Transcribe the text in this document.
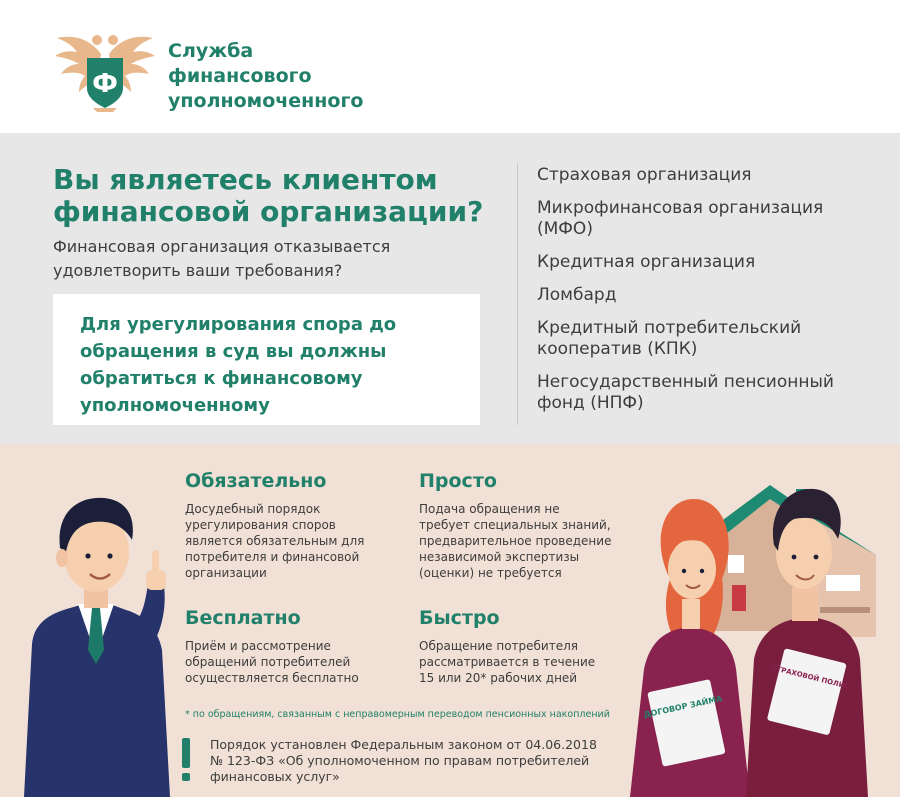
Ф
Служба
финансового
уполномоченного
Вы являетесь клиентом
финансовой организации?
Финансовая организация отказывается
удовлетворить ваши требования?
Для урегулирования спора до
обращения в суд вы должны
обратиться к финансовому
уполномоченному
Страховая организация
Микрофинансовая организация
(МФО)
Кредитная организация
Ломбард
Кредитный потребительский
кооператив (КПК)
Негосударственный пенсионный
фонд (НПФ)
Обязательно
Досудебный порядок
урегулирования споров
является обязательным для
потребителя и финансовой
организации
Просто
Подача обращения не
требует специальных знаний,
предварительное проведение
независимой экспертизы
(оценки) не требуется
Бесплатно
Приём и рассмотрение
обращений потребителей
осуществляется бесплатно
Быстро
Обращение потребителя
рассматривается в течение
15 или 20* рабочих дней
* по обращениям, связанным с неправомерным переводом пенсионных накоплений
Порядок установлен Федеральным законом от 04.06.2018
№ 123-ФЗ «Об уполномоченном по правам потребителей
финансовых услуг»
ДОГОВОР ЗАЙМА
СТРАХОВОЙ ПОЛИС
